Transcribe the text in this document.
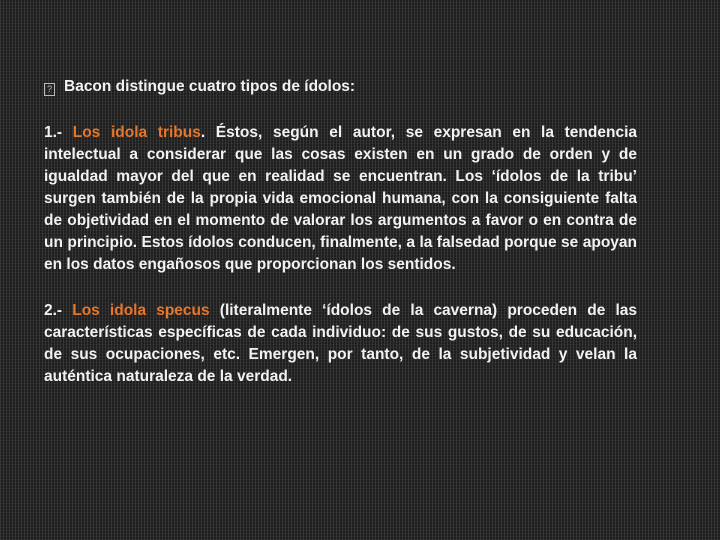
? Bacon distingue cuatro tipos de ídolos:

1.- Los idola tribus. Éstos, según el autor, se expresan en la tendencia intelectual a considerar que las cosas existen en un grado de orden y de igualdad mayor del que en realidad se encuentran. Los ‘ídolos de la tribu’ surgen también de la propia vida emocional humana, con la consiguiente falta de objetividad en el momento de valorar los argumentos a favor o en contra de un principio. Estos ídolos conducen, finalmente, a la falsedad porque se apoyan en los datos engañosos que proporcionan los sentidos.

2.- Los idola specus (literalmente ‘ídolos de la caverna) proceden de las características específicas de cada individuo: de sus gustos, de su educación, de sus ocupaciones, etc. Emergen, por tanto, de la subjetividad y velan la auténtica naturaleza de la verdad.
